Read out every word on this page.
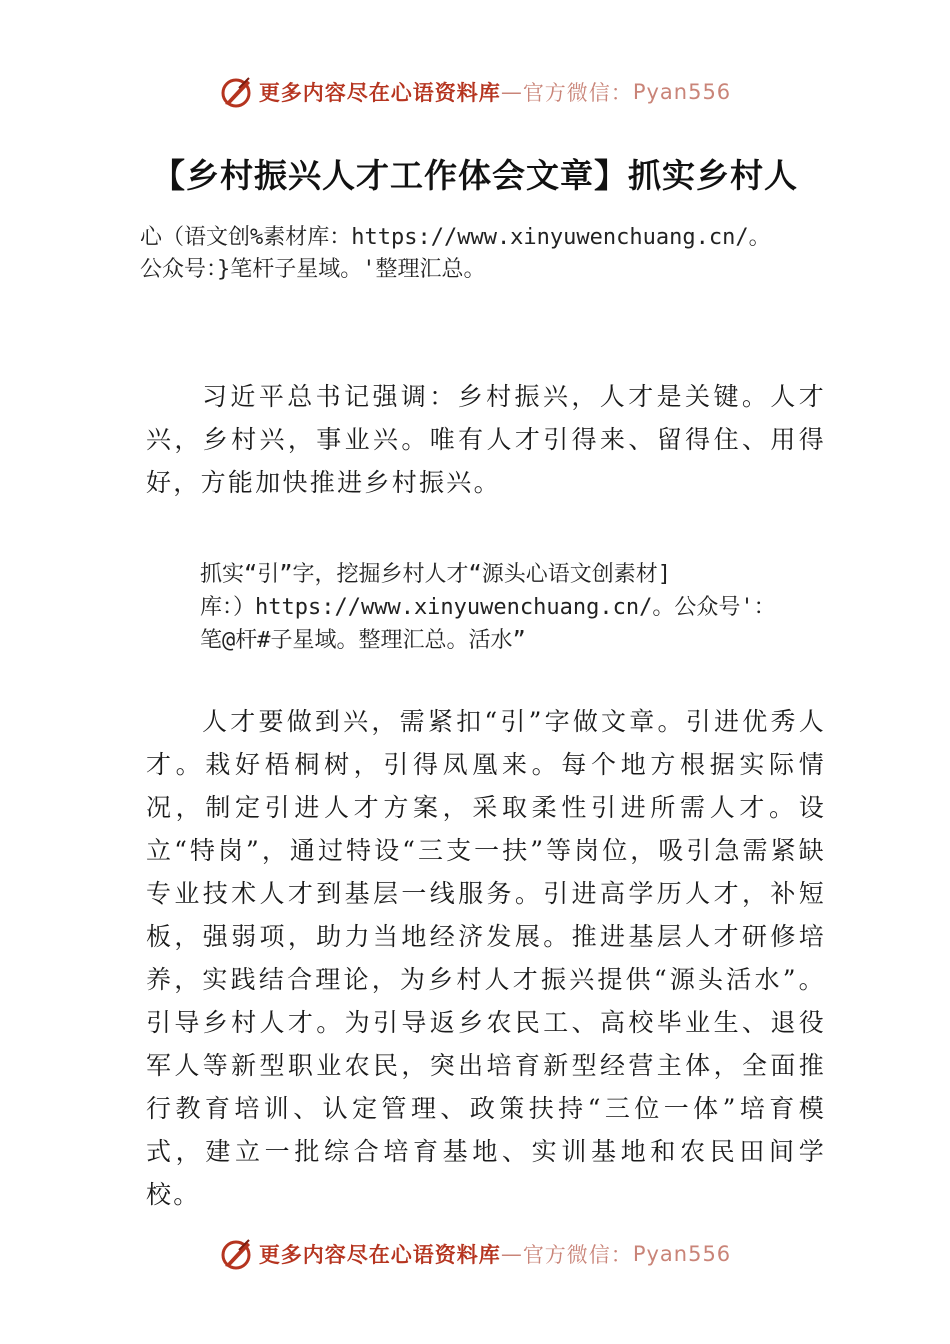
更多内容尽在心语资料库 — 官方微信： Pyan556
【乡村振兴人才工作体会文章】抓实乡村人
心（语文创%素材库：https://www.xinyuwenchuang.cn/。
公众号：}笔杆子星域。'整理汇总。

习近平总书记强调：乡村振兴，人才是关键。人才兴，乡村兴，事业兴。唯有人才引得来、留得住、用得好，方能加快推进乡村振兴。

抓实“引”字，挖掘乡村人才“源头心语文创素材]
库：）https://www.xinyuwenchuang.cn/。公众号'：
笔@杆#子星域。整理汇总。活水”

人才要做到兴，需紧扣“引”字做文章。引进优秀人才。栽好梧桐树，引得凤凰来。每个地方根据实际情况，制定引进人才方案，采取柔性引进所需人才。设立“特岗”，通过特设“三支一扶”等岗位，吸引急需紧缺专业技术人才到基层一线服务。引进高学历人才，补短板，强弱项，助力当地经济发展。推进基层人才研修培养，实践结合理论，为乡村人才振兴提供“源头活水”。引导乡村人才。为引导返乡农民工、高校毕业生、退役军人等新型职业农民，突出培育新型经营主体，全面推行教育培训、认定管理、政策扶持“三位一体”培育模式，建立一批综合培育基地、实训基地和农民田间学校。

更多内容尽在心语资料库 — 官方微信： Pyan556
